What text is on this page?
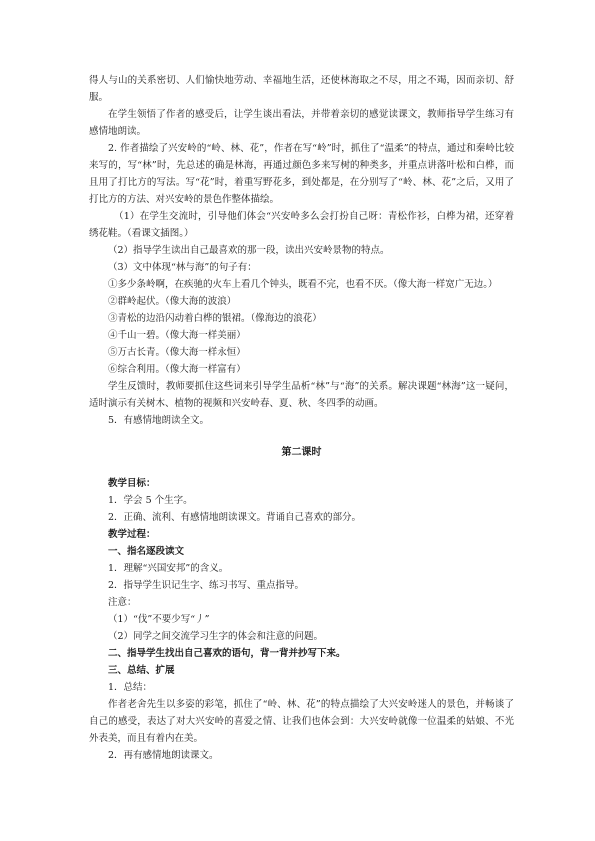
得人与山的关系密切、人们愉快地劳动、幸福地生活，还使林海取之不尽，用之不竭，因而亲切、舒服。

在学生领悟了作者的感受后，让学生谈出看法，并带着亲切的感觉读课文，教师指导学生练习有感情地朗读。

2. 作者描绘了兴安岭的“岭、林、花”，作者在写“岭”时，抓住了“温柔”的特点，通过和秦岭比较来写的，写“林”时，先总述的确是林海，再通过颜色多来写树的种类多，并重点讲落叶松和白桦，而且用了打比方的写法。写“花”时，着重写野花多，到处都是，在分别写了“岭、林、花”之后，又用了打比方的方法、对兴安岭的景色作整体描绘。

（1）在学生交流时，引导他们体会“兴安岭多么会打扮自己呀：青松作衫，白桦为裙，还穿着绣花鞋。（看课文插图。）

（2）指导学生读出自己最喜欢的那一段，读出兴安岭景物的特点。

（3）文中体现“林与海”的句子有：

①多少条岭啊，在疾驰的火车上看几个钟头，既看不完，也看不厌。（像大海一样宽广无边。）

②群岭起伏。（像大海的波浪）

③青松的边沿闪动着白桦的银裙。（像海边的浪花）

④千山一碧。（像大海一样美丽）

⑤万古长青。（像大海一样永恒）

⑥综合利用。（像大海一样富有）

学生反馈时，教师要抓住这些词来引导学生品析“林”与“海”的关系。解决课题“林海”这一疑问，适时演示有关树木、植物的视频和兴安岭春、夏、秋、冬四季的动画。

5．有感情地朗读全文。

第二课时

教学目标：

1．学会 5 个生字。

2．正确、流利、有感情地朗读课文。背诵自己喜欢的部分。

教学过程：

一、指名逐段读文

1．理解“兴国安邦”的含义。

2．指导学生识记生字、练习书写、重点指导。

注意：

（1）“伐”不要少写“丿”

（2）同学之间交流学习生字的体会和注意的问题。

二、指导学生找出自己喜欢的语句，背一背并抄写下来。

三、总结、扩展

1．总结：

作者老舍先生以多姿的彩笔，抓住了“岭、林、花”的特点描绘了大兴安岭迷人的景色，并畅谈了自己的感受，表达了对大兴安岭的喜爱之情、让我们也体会到：大兴安岭就像一位温柔的姑娘、不光外表美，而且有着内在美。

2．再有感情地朗读课文。
